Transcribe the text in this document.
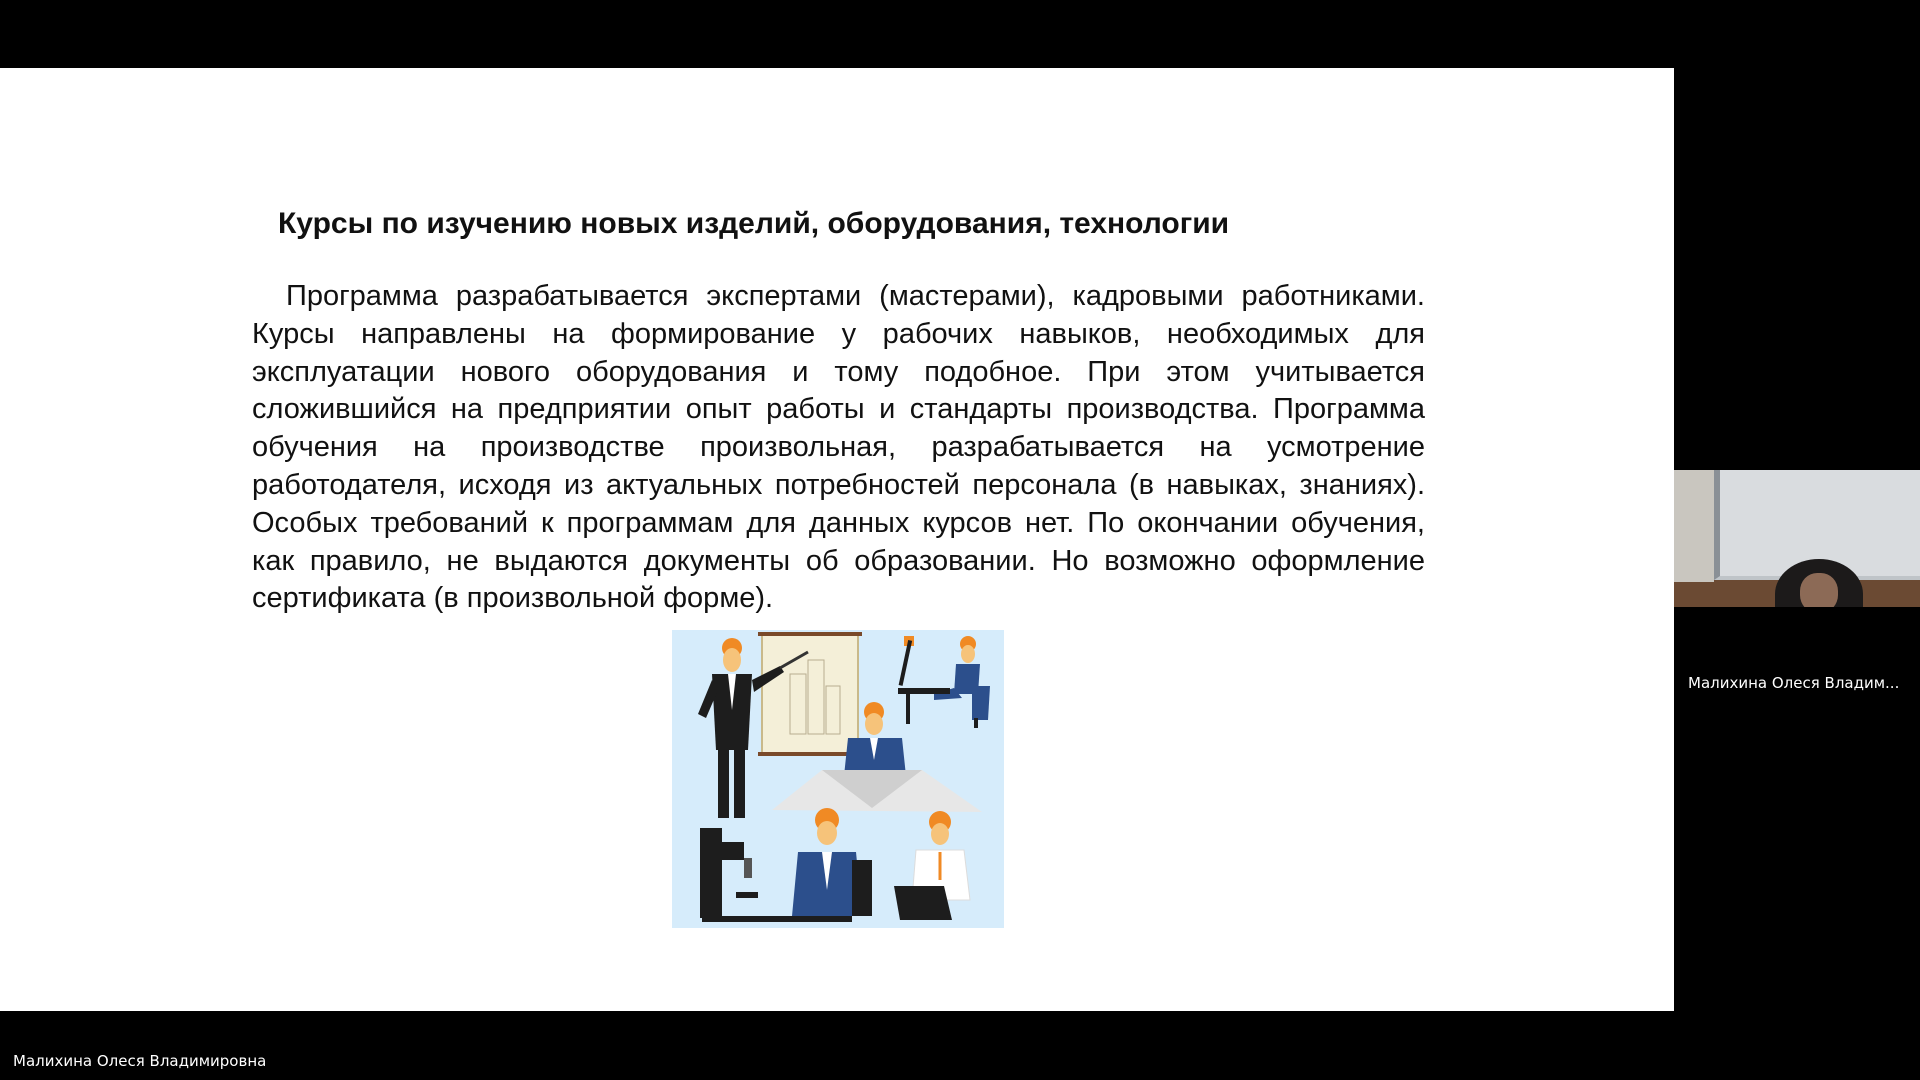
Курсы по изучению новых изделий, оборудования, технологии

Программа разрабатывается экспертами (мастерами), кадровыми работниками. Курсы направлены на формирование у рабочих навыков, необходимых для эксплуатации нового оборудования и тому подобное. При этом учитывается сложившийся на предприятии опыт работы и стандарты производства. Программа обучения на производстве произвольная, разрабатывается на усмотрение работодателя, исходя из актуальных потребностей персонала (в навыках, знаниях). Особых требований к программам для данных курсов нет. По окончании обучения, как правило, не выдаются документы об образовании. Но возможно оформление сертификата (в произвольной форме).

Малихина Олеся Владим...
Малихина Олеся Владимировна
